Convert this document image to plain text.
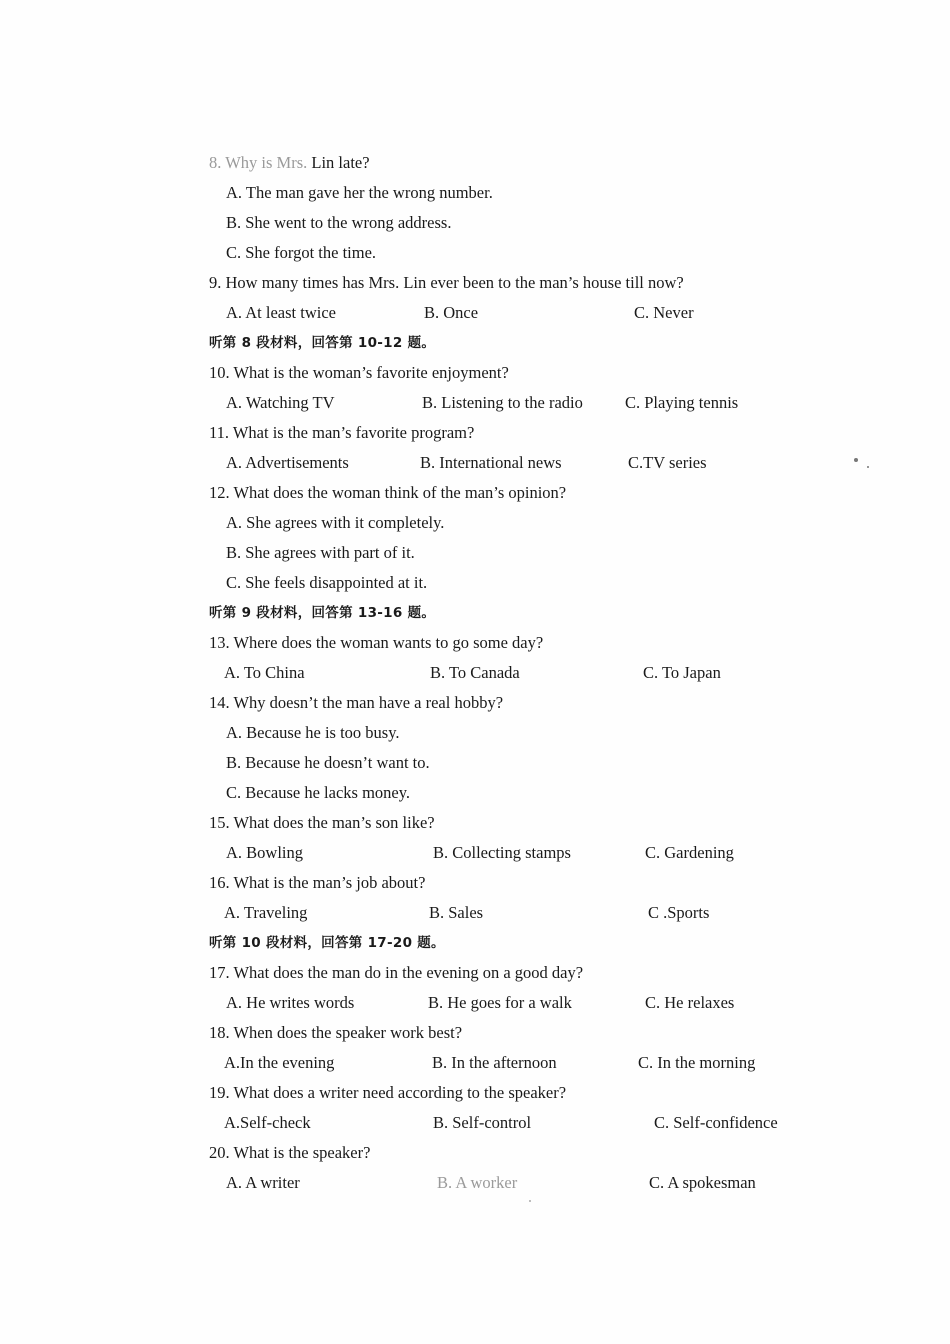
8. Why is Mrs. Lin late?
A. The man gave her the wrong number.
B. She went to the wrong address.
C. She forgot the time.
9. How many times has Mrs. Lin ever been to the man’s house till now?
A. At least twice	B. Once	C. Never
听第 8 段材料，回答第 10-12 题。
10. What is the woman’s favorite enjoyment?
A. Watching TV	B. Listening to the radio	C. Playing tennis
11. What is the man’s favorite program?
A. Advertisements	B. International news	C.TV series
12. What does the woman think of the man’s opinion?
A. She agrees with it completely.
B. She agrees with part of it.
C. She feels disappointed at it.
听第 9 段材料，回答第 13-16 题。
13. Where does the woman wants to go some day?
A. To China	B. To Canada	C. To Japan
14. Why doesn’t the man have a real hobby?
A. Because he is too busy.
B. Because he doesn’t want to.
C. Because he lacks money.
15. What does the man’s son like?
A. Bowling	B. Collecting stamps	C. Gardening
16. What is the man’s job about?
A. Traveling	B. Sales	C .Sports
听第 10 段材料，回答第 17-20 题。
17. What does the man do in the evening on a good day?
A. He writes words	B. He goes for a walk	C. He relaxes
18. When does the speaker work best?
A.In the evening	B. In the afternoon	C. In the morning
19. What does a writer need according to the speaker?
A.Self-check	B. Self-control	C. Self-confidence
20. What is the speaker?
A. A writer	B. A worker	C. A spokesman
